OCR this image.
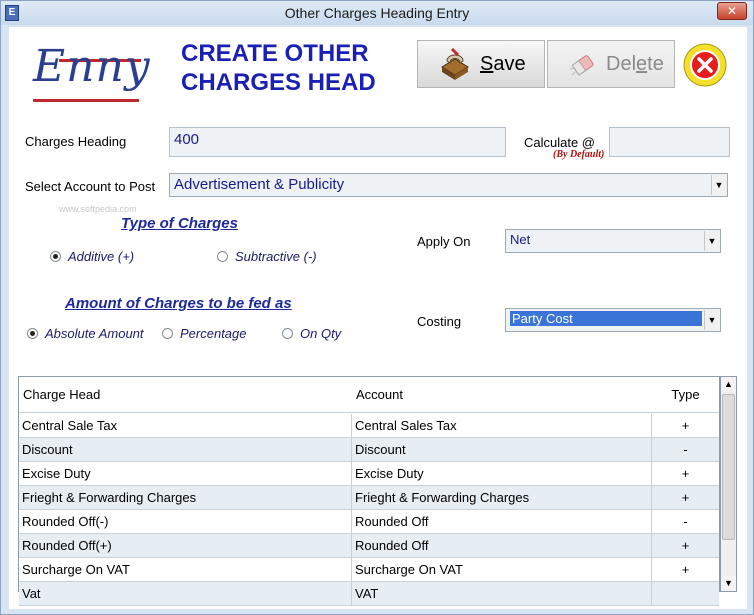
E	Other Charges Heading Entry	✕
Enny CREATE OTHER
CHARGES HEAD
Save	Delete
Charges Heading	400	Calculate @
(By Default)
Select Account to Post	Advertisement & Publicity	▼
www.softpedia.com
Type of Charges
Additive (+)	Subtractive (-)
Apply On	Net	▼
Amount of Charges to be fed as
Absolute Amount	Percentage	On Qty
Costing	Party Cost	▼
Charge Head	Account	Type
Central Sale Tax	Central Sales Tax	+
Discount	Discount	-
Excise Duty	Excise Duty	+
Frieght & Forwarding Charges	Frieght & Forwarding Charges	+
Rounded Off(-)	Rounded Off	-
Rounded Off(+)	Rounded Off	+
Surcharge On VAT	Surcharge On VAT	+
Vat	VAT
▲
▼
